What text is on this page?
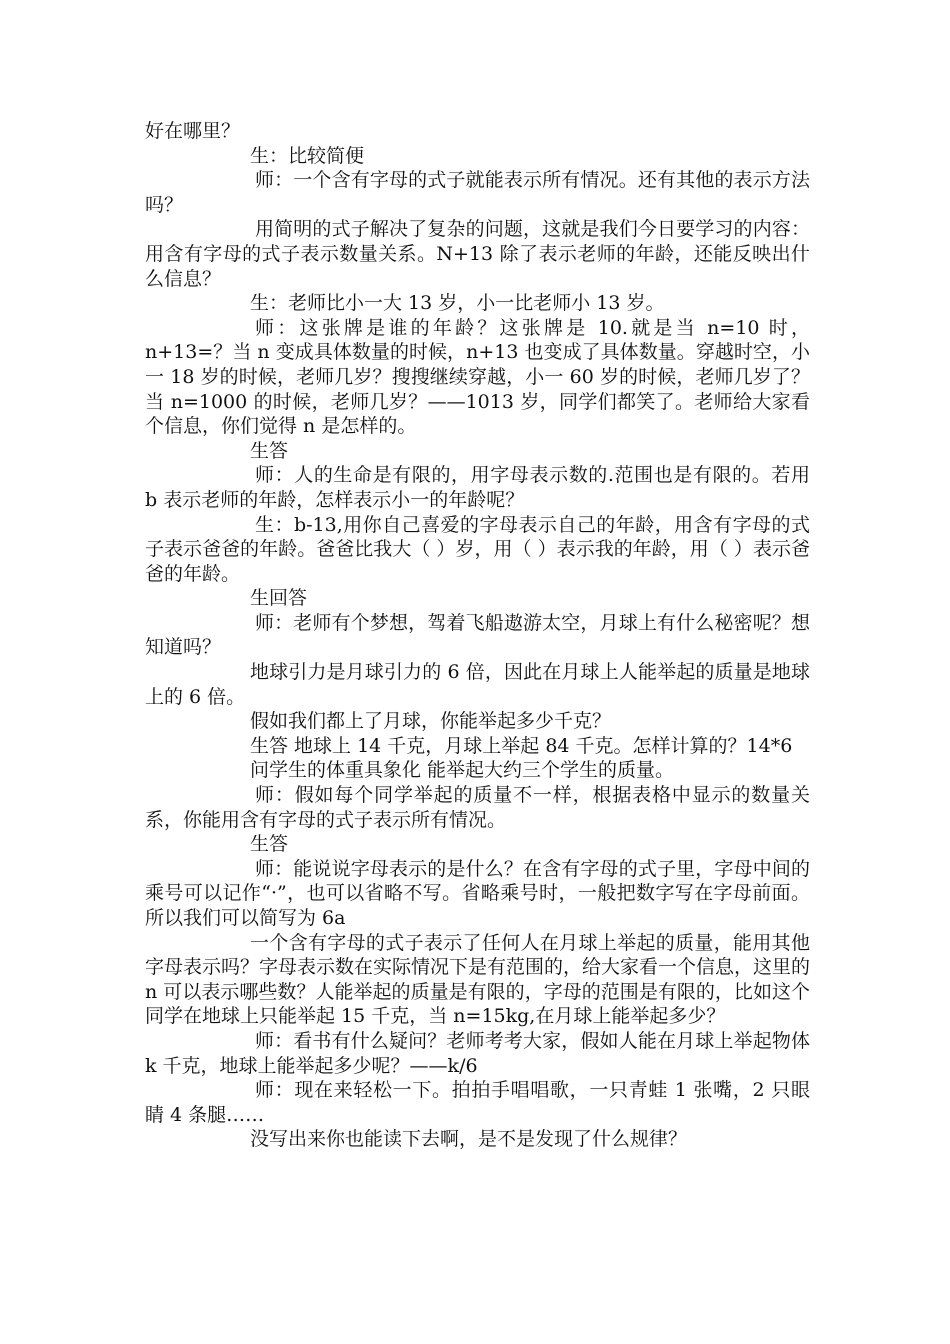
好在哪里？

生：比较简便

师：一个含有字母的式子就能表示所有情况。还有其他的表示方法吗？

用简明的式子解决了复杂的问题，这就是我们今日要学习的内容：用含有字母的式子表示数量关系。N+13 除了表示老师的年龄，还能反映出什么信息？

生：老师比小一大 13 岁，小一比老师小 13 岁。

师：这张牌是谁的年龄？这张牌是 10.就是当 n=10 时，n+13=？当 n 变成具体数量的时候，n+13 也变成了具体数量。穿越时空，小一 18 岁的时候，老师几岁？搜搜继续穿越，小一 60 岁的时候，老师几岁了？当 n=1000 的时候，老师几岁？——1013 岁，同学们都笑了。老师给大家看个信息，你们觉得 n 是怎样的。

生答

师：人的生命是有限的，用字母表示数的.范围也是有限的。若用 b 表示老师的年龄，怎样表示小一的年龄呢？

生：b-13,用你自己喜爱的字母表示自己的年龄，用含有字母的式子表示爸爸的年龄。爸爸比我大（ ）岁，用（ ）表示我的年龄，用（ ）表示爸爸的年龄。

生回答

师：老师有个梦想，驾着飞船遨游太空，月球上有什么秘密呢？想知道吗？

地球引力是月球引力的 6 倍，因此在月球上人能举起的质量是地球上的 6 倍。

假如我们都上了月球，你能举起多少千克？

生答 地球上 14 千克，月球上举起 84 千克。怎样计算的？14*6

问学生的体重具象化 能举起大约三个学生的质量。

师：假如每个同学举起的质量不一样，根据表格中显示的数量关系，你能用含有字母的式子表示所有情况。

生答

师：能说说字母表示的是什么？在含有字母的式子里，字母中间的乘号可以记作“·”，也可以省略不写。省略乘号时，一般把数字写在字母前面。所以我们可以简写为 6a

一个含有字母的式子表示了任何人在月球上举起的质量，能用其他字母表示吗？字母表示数在实际情况下是有范围的，给大家看一个信息，这里的 n 可以表示哪些数？人能举起的质量是有限的，字母的范围是有限的，比如这个同学在地球上只能举起 15 千克，当 n=15kg,在月球上能举起多少？

师：看书有什么疑问？老师考考大家，假如人能在月球上举起物体 k 千克，地球上能举起多少呢？——k/6

师：现在来轻松一下。拍拍手唱唱歌，一只青蛙 1 张嘴，2 只眼睛 4 条腿……

没写出来你也能读下去啊，是不是发现了什么规律？
